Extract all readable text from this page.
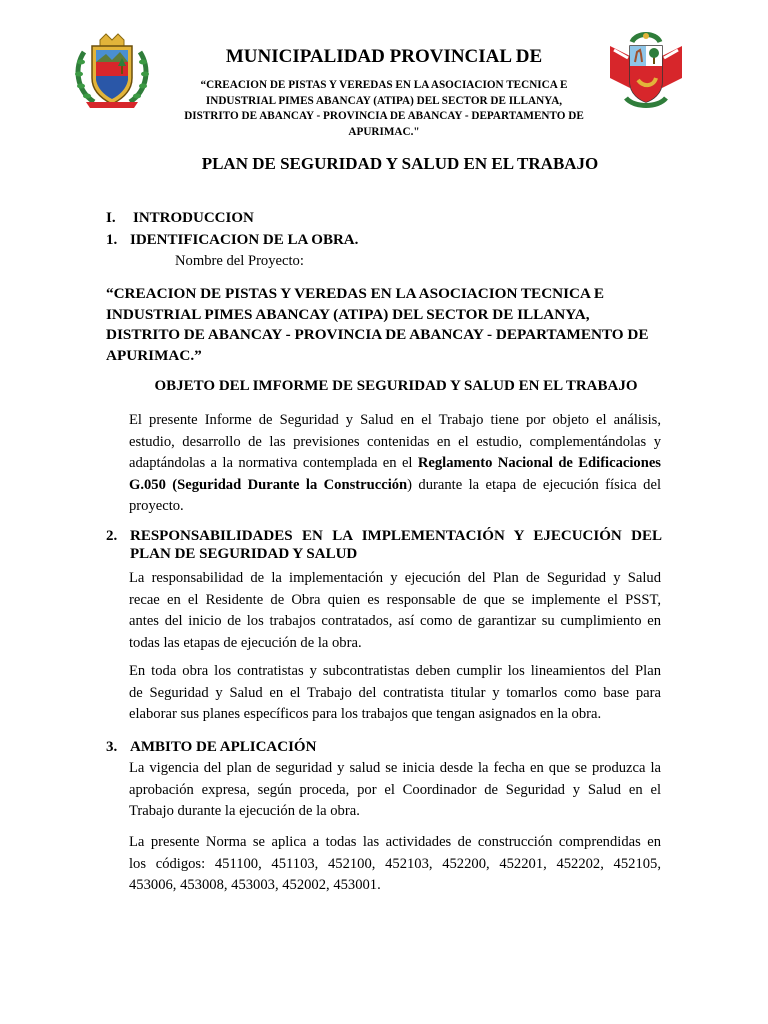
MUNICIPALIDAD PROVINCIAL DE
“CREACION DE PISTAS Y VEREDAS EN LA ASOCIACION TECNICA E
INDUSTRIAL PIMES ABANCAY (ATIPA) DEL SECTOR DE ILLANYA,
DISTRITO DE ABANCAY - PROVINCIA DE ABANCAY - DEPARTAMENTO DE
APURIMAC."
PLAN DE SEGURIDAD Y SALUD EN EL TRABAJO
I. INTRODUCCION
1. IDENTIFICACION DE LA OBRA.
Nombre del Proyecto:
“CREACION DE PISTAS Y VEREDAS EN LA ASOCIACION TECNICA E
INDUSTRIAL PIMES ABANCAY (ATIPA) DEL SECTOR DE ILLANYA,
DISTRITO DE ABANCAY - PROVINCIA DE ABANCAY - DEPARTAMENTO DE
APURIMAC.”
OBJETO DEL IMFORME DE SEGURIDAD Y SALUD EN EL TRABAJO
El presente Informe de Seguridad y Salud en el Trabajo tiene por objeto el análisis,
estudio, desarrollo de las previsiones contenidas en el estudio, complementándolas y
adaptándolas a la normativa contemplada en el Reglamento Nacional de Edificaciones
G.050 (Seguridad Durante la Construcción) durante la etapa de ejecución física del
proyecto.
2. RESPONSABILIDADES EN LA IMPLEMENTACIÓN Y EJECUCIÓN DEL
PLAN DE SEGURIDAD Y SALUD
La responsabilidad de la implementación y ejecución del Plan de Seguridad y Salud
recae en el Residente de Obra quien es responsable de que se implemente el PSST,
antes del inicio de los trabajos contratados, así como de garantizar su cumplimiento en
todas las etapas de ejecución de la obra.
En toda obra los contratistas y subcontratistas deben cumplir los lineamientos del Plan
de Seguridad y Salud en el Trabajo del contratista titular y tomarlos como base para
elaborar sus planes específicos para los trabajos que tengan asignados en la obra.
3. AMBITO DE APLICACIÓN
La vigencia del plan de seguridad y salud se inicia desde la fecha en que se produzca la
aprobación expresa, según proceda, por el Coordinador de Seguridad y Salud en el
Trabajo durante la ejecución de la obra.
La presente Norma se aplica a todas las actividades de construcción comprendidas en
los códigos: 451100, 451103, 452100, 452103, 452200, 452201, 452202, 452105,
453006, 453008, 453003, 452002, 453001.
